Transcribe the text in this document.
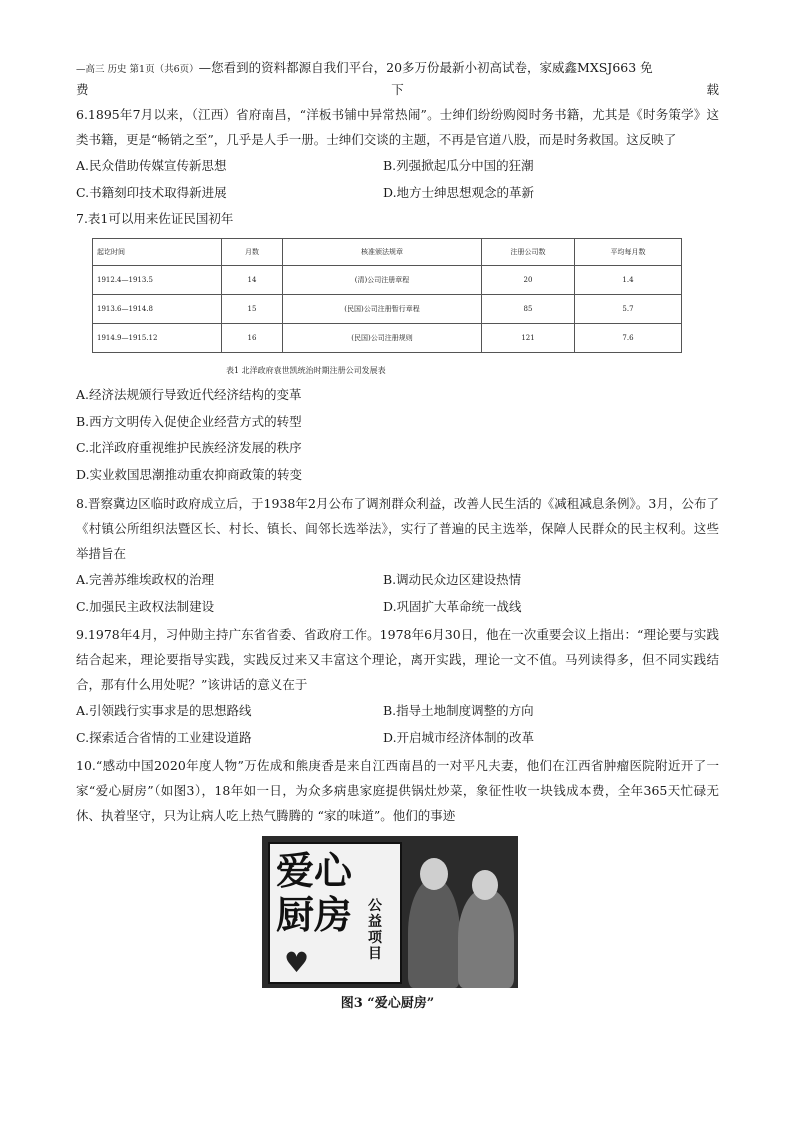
—高三 历史 第1页（共6页）—您看到的资料都源自我们平台，20多万份最新小初高试卷，家威鑫MXSJ663 免
费	下	载
6.1895年7月以来，（江西）省府南昌，“洋板书铺中异常热闹”。士绅们纷纷购阅时务书籍，尤其是《时务策学》这类书籍，更是“畅销之至”，几乎是人手一册。士绅们交谈的主题，不再是官道八股，而是时务救国。这反映了
A.民众借助传媒宣传新思想	B.列强掀起瓜分中国的狂潮
C.书籍刻印技术取得新进展	D.地方士绅思想观念的革新
7.表1可以用来佐证民国初年
起讫时间	月数	核准颁法规章	注册公司数	平均每月数
1912.4—1913.5	14	(清)公司注册章程	20	1.4
1913.6—1914.8	15	(民国)公司注册暂行章程	85	5.7
1914.9—1915.12	16	(民国)公司注册规则	121	7.6
表1 北洋政府袁世凯统治时期注册公司发展表
A.经济法规颁行导致近代经济结构的变革
B.西方文明传入促使企业经营方式的转型
C.北洋政府重视维护民族经济发展的秩序
D.实业救国思潮推动重农抑商政策的转变
8.晋察冀边区临时政府成立后，于1938年2月公布了调剂群众利益，改善人民生活的《减租减息条例》。3月，公布了《村镇公所组织法暨区长、村长、镇长、闾邻长选举法》，实行了普遍的民主选举，保障人民群众的民主权利。这些举措旨在
A.完善苏维埃政权的治理	B.调动民众边区建设热情
C.加强民主政权法制建设	D.巩固扩大革命统一战线
9.1978年4月，习仲勋主持广东省省委、省政府工作。1978年6月30日，他在一次重要会议上指出：“理论要与实践结合起来，理论要指导实践，实践反过来又丰富这个理论，离开实践，理论一文不值。马列读得多，但不同实践结合，那有什么用处呢？”该讲话的意义在于
A.引领践行实事求是的思想路线	B.指导土地制度调整的方向
C.探索适合省情的工业建设道路	D.开启城市经济体制的改革
10.“感动中国2020年度人物”万佐成和熊庚香是来自江西南昌的一对平凡夫妻，他们在江西省肿瘤医院附近开了一家“爱心厨房”（如图3），18年如一日，为众多病患家庭提供锅灶炒菜，象征性收一块钱成本费，全年365天忙碌无休、执着坚守，只为让病人吃上热气腾腾的 “家的味道”。他们的事迹
爱心
厨房 公益项目
♥
图3 “爱心厨房”
